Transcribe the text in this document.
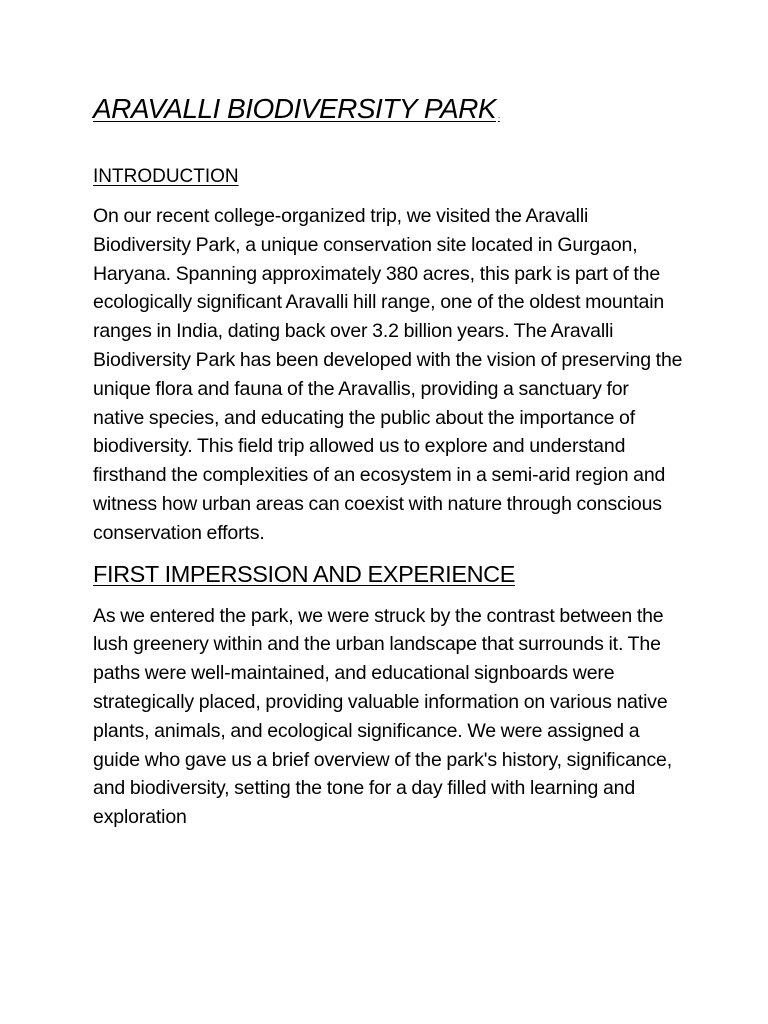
ARAVALLI BIODIVERSITY PARK .
INTRODUCTION

On our recent college-organized trip, we visited the Aravalli Biodiversity Park, a unique conservation site located in Gurgaon, Haryana. Spanning approximately 380 acres, this park is part of the ecologically significant Aravalli hill range, one of the oldest mountain ranges in India, dating back over 3.2 billion years. The Aravalli Biodiversity Park has been developed with the vision of preserving the unique flora and fauna of the Aravallis, providing a sanctuary for native species, and educating the public about the importance of biodiversity. This field trip allowed us to explore and understand firsthand the complexities of an ecosystem in a semi-arid region and witness how urban areas can coexist with nature through conscious conservation efforts.

FIRST IMPERSSION AND EXPERIENCE

As we entered the park, we were struck by the contrast between the lush greenery within and the urban landscape that surrounds it. The paths were well-maintained, and educational signboards were strategically placed, providing valuable information on various native plants, animals, and ecological significance. We were assigned a guide who gave us a brief overview of the park's history, significance, and biodiversity, setting the tone for a day filled with learning and exploration
